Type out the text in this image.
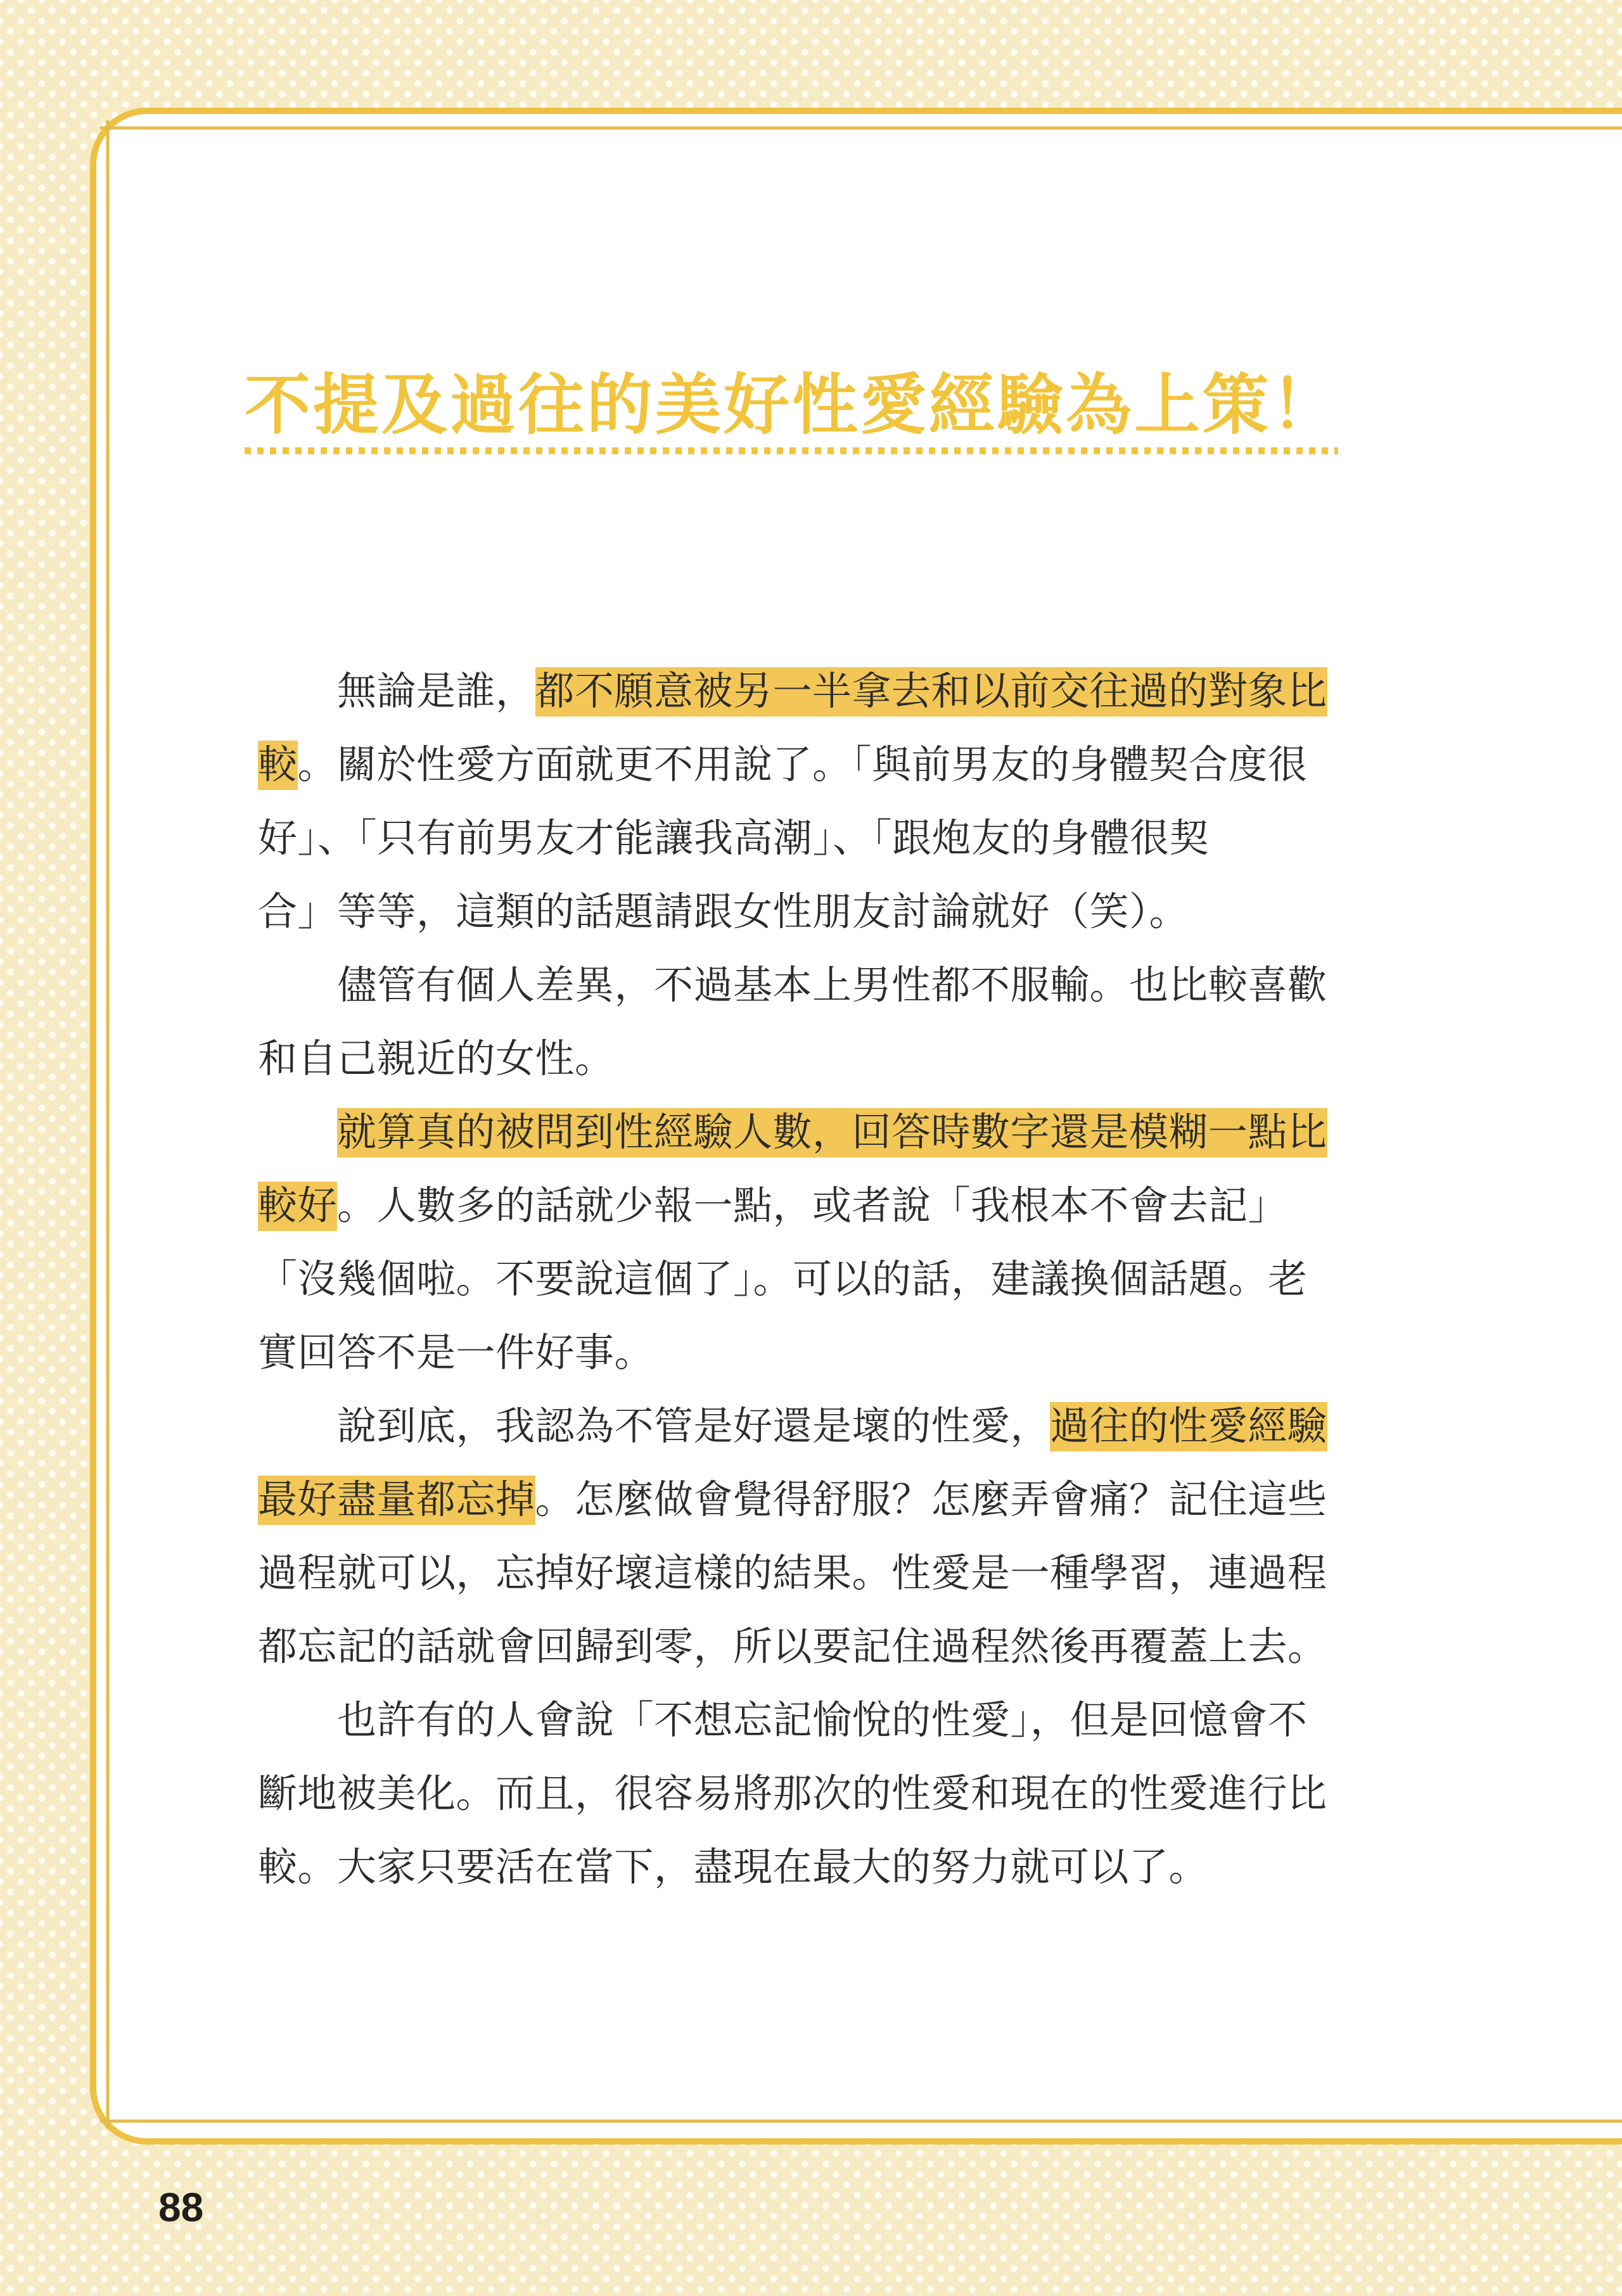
不提及過往的美好性愛經驗為上策！
無論是誰，都不願意被另一半拿去和以前交往過的對象比
較。關於性愛方面就更不用說了。「與前男友的身體契合度很
好」、「只有前男友才能讓我高潮」、「跟炮友的身體很契
合」等等，這類的話題請跟女性朋友討論就好（笑）。
儘管有個人差異，不過基本上男性都不服輸。也比較喜歡
和自己親近的女性。
就算真的被問到性經驗人數，回答時數字還是模糊一點比
較好。人數多的話就少報一點，或者說「我根本不會去記」
「沒幾個啦。不要說這個了」。可以的話，建議換個話題。老
實回答不是一件好事。
說到底，我認為不管是好還是壞的性愛，過往的性愛經驗
最好盡量都忘掉。怎麼做會覺得舒服？怎麼弄會痛？記住這些
過程就可以，忘掉好壞這樣的結果。性愛是一種學習，連過程
都忘記的話就會回歸到零，所以要記住過程然後再覆蓋上去。
也許有的人會說「不想忘記愉悅的性愛」，但是回憶會不
斷地被美化。而且，很容易將那次的性愛和現在的性愛進行比
較。大家只要活在當下，盡現在最大的努力就可以了。
88
